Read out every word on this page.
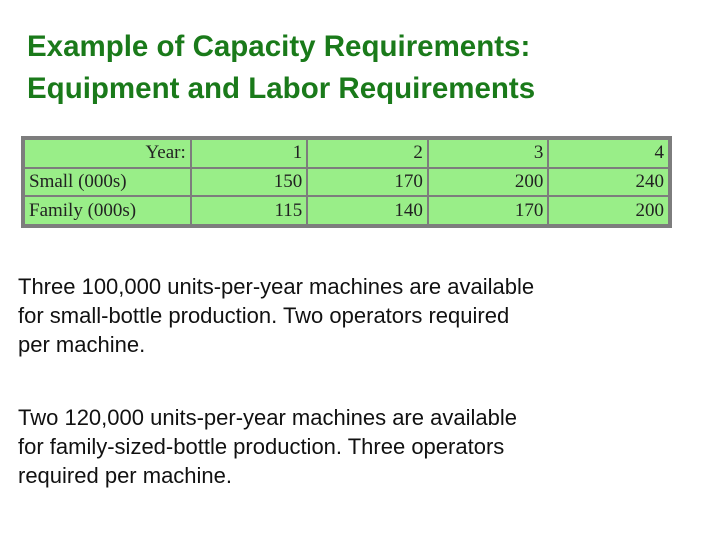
Example of Capacity Requirements:
Equipment and Labor Requirements
Year:	1	2	3	4
Small (000s)	150	170	200	240
Family (000s)	115	140	170	200

Three 100,000 units-per-year machines are available
for small-bottle production. Two operators required
per machine.

Two 120,000 units-per-year machines are available
for family-sized-bottle production. Three operators
required per machine.
